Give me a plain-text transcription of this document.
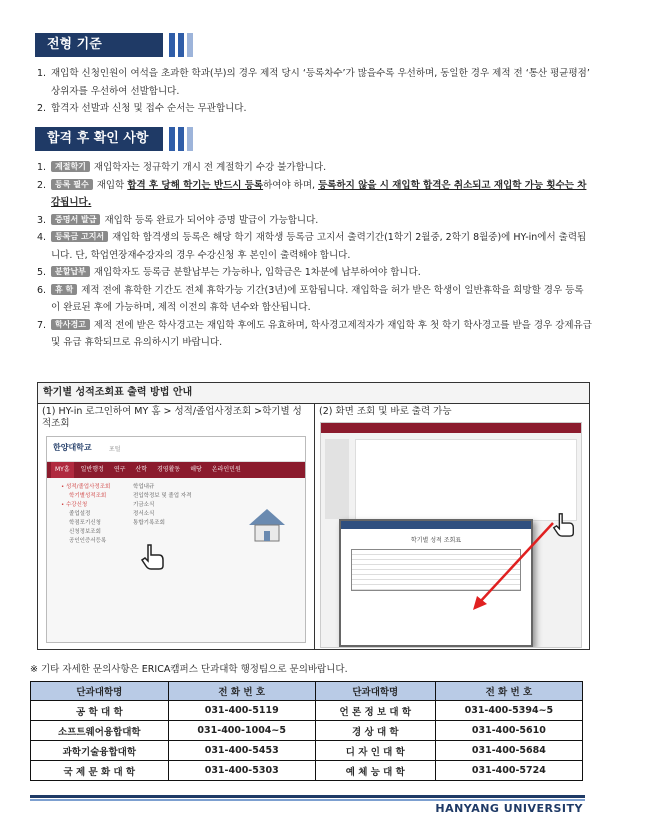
전형 기준
1. 재입학 신청인원이 여석을 초과한 학과(부)의 경우 제적 당시 ‘등록차수’가 많을수록 우선하며, 동일한 경우 제적 전 ‘통산 평균평점’ 상위자를 우선하여 선발합니다.
2. 합격자 선발과 신청 및 접수 순서는 무관합니다.
합격 후 확인 사항
1. 계절학기 재입학자는 정규학기 개시 전 계절학기 수강 불가합니다.
2. 등록 필수 재입학 합격 후 당해 학기는 반드시 등록하여야 하며, 등록하지 않을 시 재입학 합격은 취소되고 재입학 가능 횟수는 차감됩니다.
3. 증명서 발급 재입학 등록 완료가 되어야 증명 발급이 가능합니다.
4. 등록금 고지서 재입학 합격생의 등록은 해당 학기 재학생 등록금 고지서 출력기간(1학기 2월중, 2학기 8월중)에 HY-in에서 출력됩니다. 단, 학업연장재수강자의 경우 수강신청 후 본인이 출력해야 합니다.
5. 분할납부 재입학자도 등록금 분할납부는 가능하나, 입학금은 1차분에 납부하여야 합니다.
6. 휴 학 제적 전에 휴학한 기간도 전체 휴학가능 기간(3년)에 포함됩니다. 재입학을 허가 받은 학생이 일반휴학을 희망할 경우 등록이 완료된 후에 가능하며, 제적 이전의 휴학 년수와 합산됩니다.
7. 학사경고 제적 전에 받은 학사경고는 재입학 후에도 유효하며, 학사경고제적자가 재입학 후 첫 학기 학사경고를 받을 경우 강제유급 및 유급 휴학되므로 유의하시기 바랍니다.
학기별 성적조회표 출력 방법 안내
(1) HY-in 로그인하여 MY 홈 > 성적/졸업사정조회 >학기별 성적조회
한양대학교	포털
MY홈	일반행정	연구	산학	경영활동	해당	온라인민원
• 성적/졸업사정조회
학기별성적조회
• 수강신청
졸업설정
학점포기신청
신청정보조회
공인인증서등록
학업내규
전입학정보 및 졸업 자격
기금소식
정서소식
통합기록조회
(2) 화면 조회 및 바로 출력 가능
학기별 성적 조회표
※ 기타 자세한 문의사항은 ERICA캠퍼스 단과대학 행정팀으로 문의바랍니다.
단과대학명	전 화 번 호	단과대학명	전 화 번 호
공 학 대 학	031-400-5119	언 론 정 보 대 학	031-400-5394~5
소프트웨어융합대학	031-400-1004~5	경 상 대 학	031-400-5610
과학기술융합대학	031-400-5453	디 자 인 대 학	031-400-5684
국 제 문 화 대 학	031-400-5303	예 체 능 대 학	031-400-5724
HANYANG UNIVERSITY
